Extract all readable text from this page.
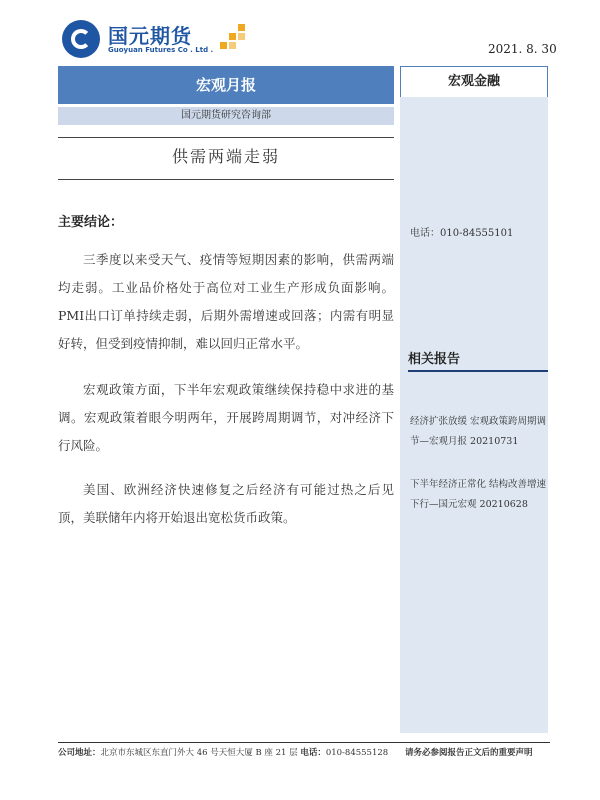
国元期货
Guoyuan Futures Co . Ltd .	2021. 8. 30
宏观月报	宏观金融
国元期货研究咨询部
供需两端走弱
主要结论：
三季度以来受天气、疫情等短期因素的影响，供需两端均走弱。工业品价格处于高位对工业生产形成负面影响。PMI出口订单持续走弱，后期外需增速或回落；内需有明显好转，但受到疫情抑制，难以回归正常水平。
宏观政策方面，下半年宏观政策继续保持稳中求进的基调。宏观政策着眼今明两年，开展跨周期调节，对冲经济下行风险。
美国、欧洲经济快速修复之后经济有可能过热之后见顶，美联储年内将开始退出宽松货币政策。
电话：010-84555101
相关报告
经济扩张放缓 宏观政策跨周期调节—宏观月报 20210731
下半年经济正常化 结构改善增速下行—国元宏观 20210628
公司地址：北京市东城区东直门外大 46 号天恒大厦 B 座 21 层 电话：010-84555128 请务必参阅报告正文后的重要声明
